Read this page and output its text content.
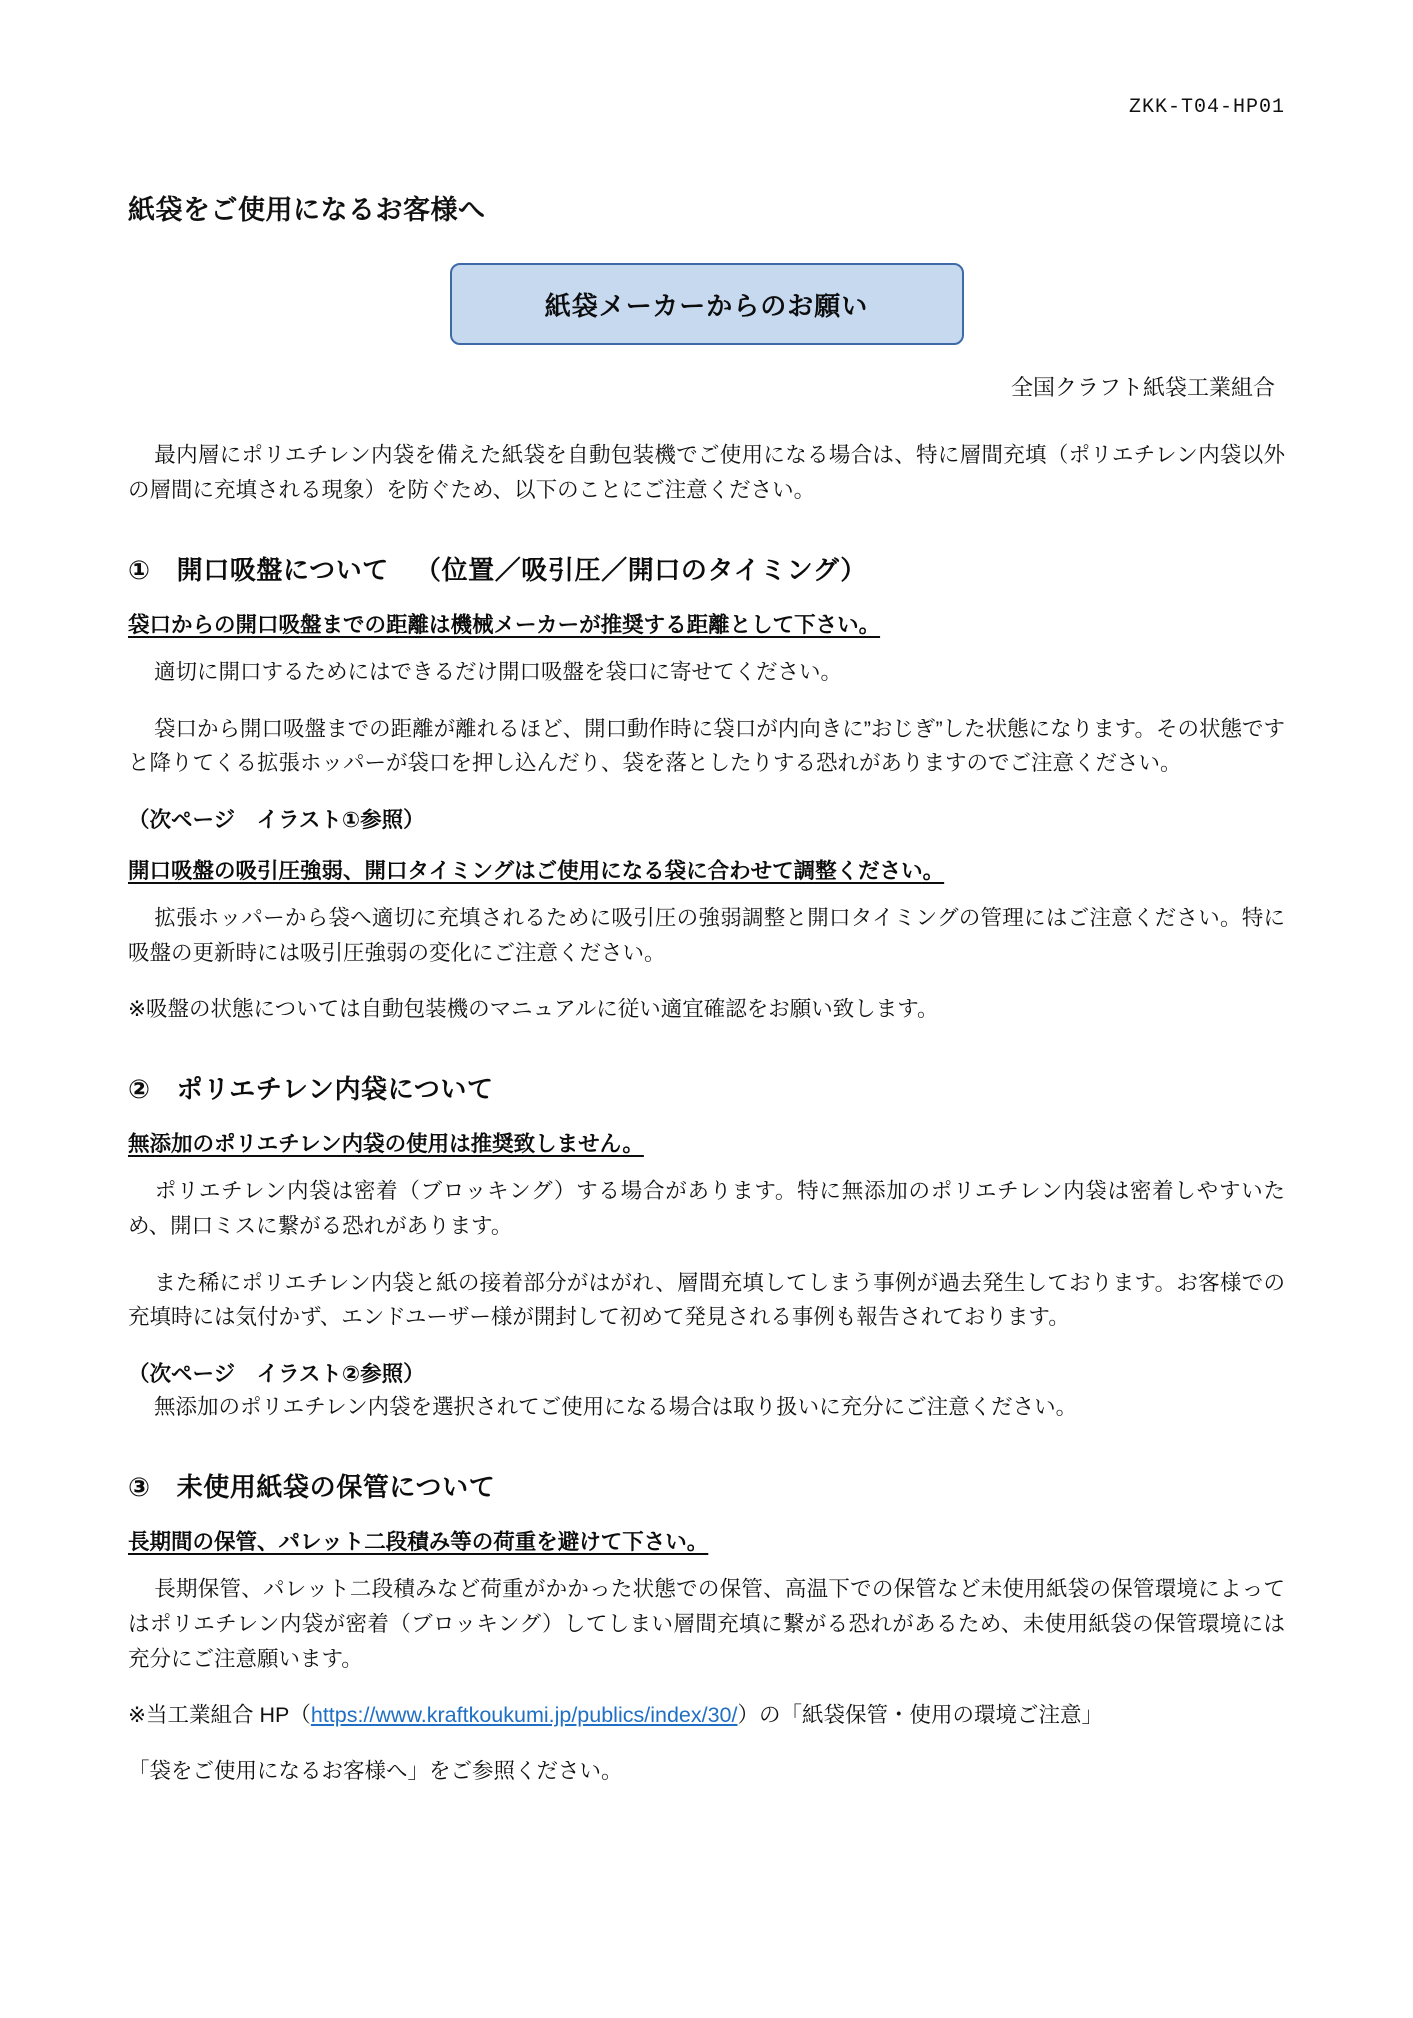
ZKK-T04-HP01
紙袋をご使用になるお客様へ
紙袋メーカーからのお願い
全国クラフト紙袋工業組合

最内層にポリエチレン内袋を備えた紙袋を自動包装機でご使用になる場合は、特に層間充填（ポリエチレン内袋以外の層間に充填される現象）を防ぐため、以下のことにご注意ください。

① 開口吸盤について （位置／吸引圧／開口のタイミング）
袋口からの開口吸盤までの距離は機械メーカーが推奨する距離として下さい。

適切に開口するためにはできるだけ開口吸盤を袋口に寄せてください。

袋口から開口吸盤までの距離が離れるほど、開口動作時に袋口が内向きに”おじぎ”した状態になります。その状態ですと降りてくる拡張ホッパーが袋口を押し込んだり、袋を落としたりする恐れがありますのでご注意ください。

（次ページ　イラスト①参照）
開口吸盤の吸引圧強弱、開口タイミングはご使用になる袋に合わせて調整ください。

拡張ホッパーから袋へ適切に充填されるために吸引圧の強弱調整と開口タイミングの管理にはご注意ください。特に吸盤の更新時には吸引圧強弱の変化にご注意ください。

※吸盤の状態については自動包装機のマニュアルに従い適宜確認をお願い致します。

② ポリエチレン内袋について
無添加のポリエチレン内袋の使用は推奨致しません。

ポリエチレン内袋は密着（ブロッキング）する場合があります。特に無添加のポリエチレン内袋は密着しやすいため、開口ミスに繋がる恐れがあります。

また稀にポリエチレン内袋と紙の接着部分がはがれ、層間充填してしまう事例が過去発生しております。お客様での充填時には気付かず、エンドユーザー様が開封して初めて発見される事例も報告されております。

（次ページ　イラスト②参照）

無添加のポリエチレン内袋を選択されてご使用になる場合は取り扱いに充分にご注意ください。

③ 未使用紙袋の保管について
長期間の保管、パレット二段積み等の荷重を避けて下さい。

長期保管、パレット二段積みなど荷重がかかった状態での保管、高温下での保管など未使用紙袋の保管環境によってはポリエチレン内袋が密着（ブロッキング）してしまい層間充填に繋がる恐れがあるため、未使用紙袋の保管環境には充分にご注意願います。

※当工業組合 HP（https://www.kraftkoukumi.jp/publics/index/30/）の「紙袋保管・使用の環境ご注意」

「袋をご使用になるお客様へ」をご参照ください。
